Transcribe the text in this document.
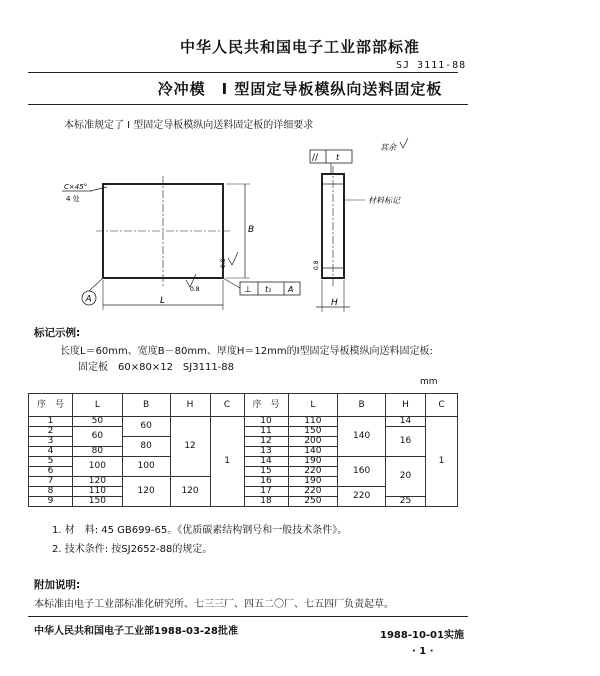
中华人民共和国电子工业部部标准
SJ 3111-88
冷冲模　I 型固定导板模纵向送料固定板
本标准规定了 I 型固定导板模纵向送料固定板的详细要求
C×45°
4 处
B
0.8
L
0.8
A
⊥ t₁ A
// t
其余
材料标记
0.8
H
标记示例:
长度L＝60mm、宽度B－80mm、厚度H＝12mm的Ⅰ型固定导板模纵向送料固定板:
固定板　60×80×12　SJ3111-88
mm
序　号	L	B	H	C	序　号	L	B	H	C
1	50	60	12	1	10	110	140	14	1
2	60				11	150		16	
3		80			12	200			
4	80				13	140			
5	100	100			14	190	160	20	
6					15	220			
7	120	120	120		16	190			
8	110				17	220	220		
9	150				18	250		25	
1. 材　料: 45 GB699-65。《优质碳素结构钢号和一般技术条件》。
2. 技术条件: 按SJ2652-88的规定。
附加说明:
本标准由电子工业部标准化研究所、七三三厂、四五二〇厂、七五四厂负责起草。
中华人民共和国电子工业部1988-03-28批准	1988-10-01实施
· 1 ·
